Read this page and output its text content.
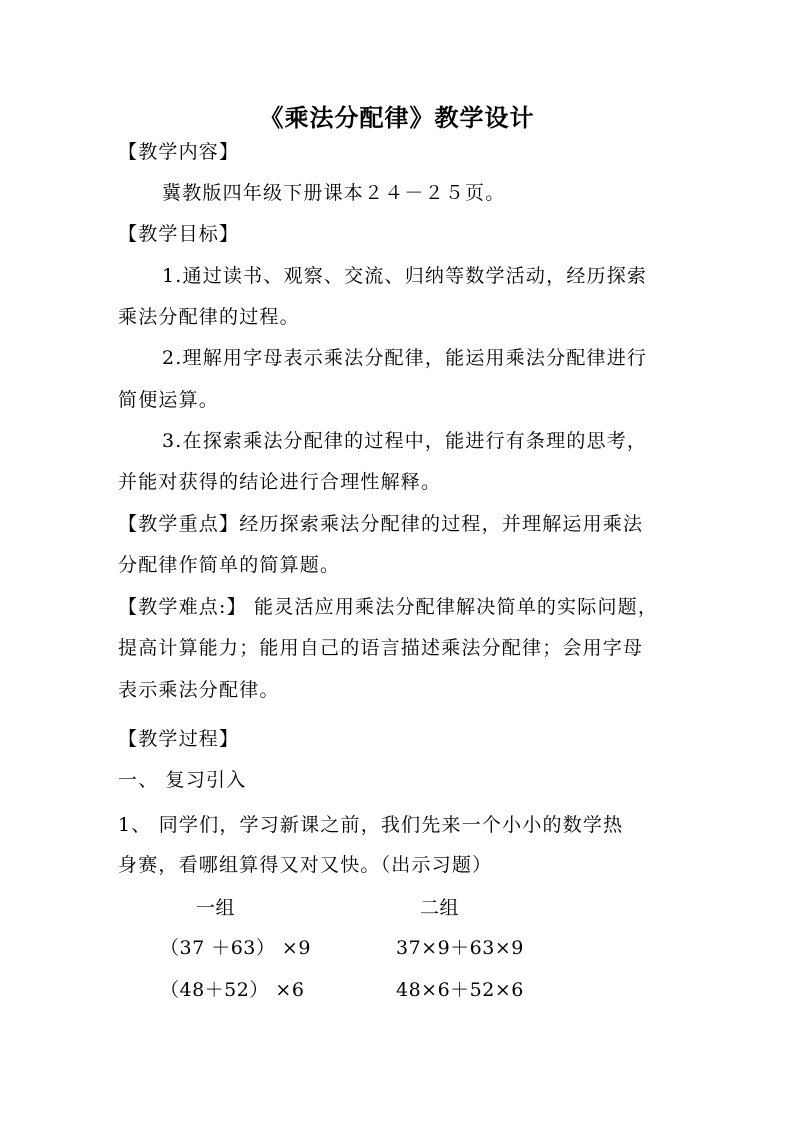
《乘法分配律》教学设计
【教学内容】
冀教版四年级下册课本２４－２５页。
【教学目标】
1.通过读书、观察、交流、归纳等数学活动，经历探索
乘法分配律的过程。
2.理解用字母表示乘法分配律，能运用乘法分配律进行
简便运算。
3.在探索乘法分配律的过程中，能进行有条理的思考，
并能对获得的结论进行合理性解释。
【教学重点】经历探索乘法分配律的过程，并理解运用乘法
分配律作简单的简算题。
【教学难点:】 能灵活应用乘法分配律解决简单的实际问题，
提高计算能力；能用自己的语言描述乘法分配律；会用字母
表示乘法分配律。
【教学过程】
一、 复习引入
1、 同学们，学习新课之前，我们先来一个小小的数学热
身赛，看哪组算得又对又快。（出示习题）
一组	二组
（37 ＋63） ×9	37×9＋63×9
（48＋52） ×6	48×6＋52×6
